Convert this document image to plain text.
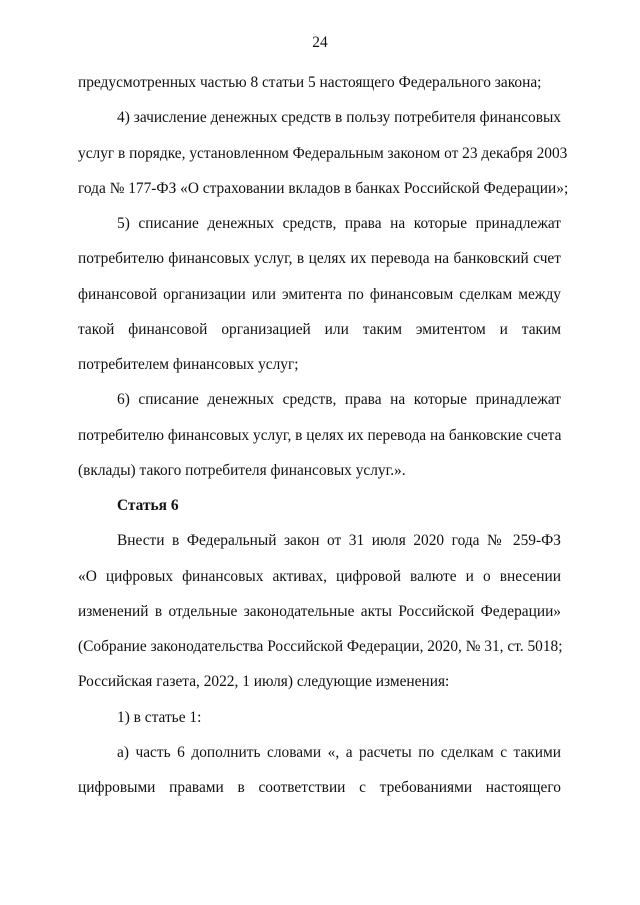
24
предусмотренных частью 8 статьи 5 настоящего Федерального закона;
4) зачисление денежных средств в пользу потребителя финансовых
услуг в порядке, установленном Федеральным законом от 23 декабря 2003
года № 177-ФЗ «О страховании вкладов в банках Российской Федерации»;
5) списание денежных средств, права на которые принадлежат
потребителю финансовых услуг, в целях их перевода на банковский счет
финансовой организации или эмитента по финансовым сделкам между
такой финансовой организацией или таким эмитентом и таким
потребителем финансовых услуг;
6) списание денежных средств, права на которые принадлежат
потребителю финансовых услуг, в целях их перевода на банковские счета
(вклады) такого потребителя финансовых услуг.».
Статья 6
Внести в Федеральный закон от 31 июля 2020 года № 259-ФЗ
«О цифровых финансовых активах, цифровой валюте и о внесении
изменений в отдельные законодательные акты Российской Федерации»
(Собрание законодательства Российской Федерации, 2020, № 31, ст. 5018;
Российская газета, 2022, 1 июля) следующие изменения:
1) в статье 1:
а) часть 6 дополнить словами «, а расчеты по сделкам с такими
цифровыми правами в соответствии с требованиями настоящего
